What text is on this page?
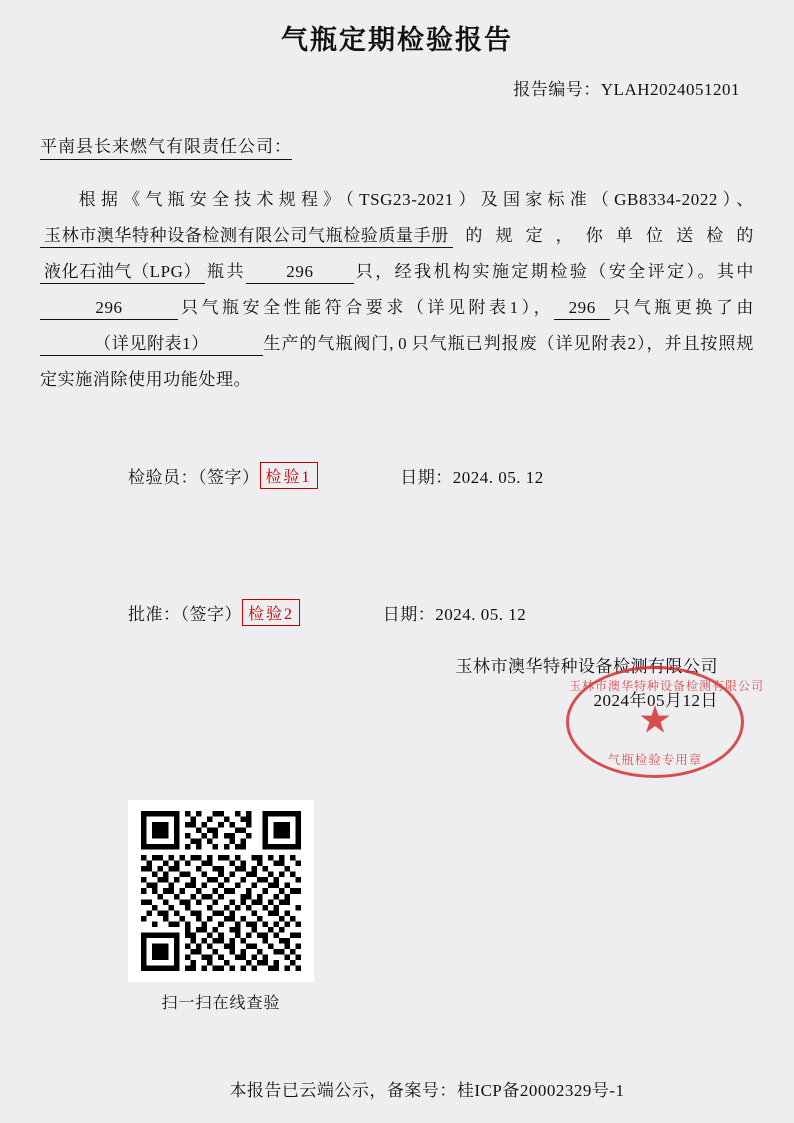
气瓶定期检验报告
报告编号：YLAH2024051201
平南县长来燃气有限责任公司：
根据《气瓶安全技术规程》（TSG23-2021）及国家标准（GB8334-2022）、玉林市澳华特种设备检测有限公司气瓶检验质量手册 的规定，你单位送检的液化石油气（LPG） 瓶共 296 只，经我机构实施定期检验（安全评定）。其中296	只气瓶安全性能符合要求（详见附表1）， 296 只气瓶更换了由（详见附表1）	生产的气瓶阀门, 0 只气瓶已判报废（详见附表2），并且按照规定实施消除使用功能处理。
检验员：（签字） 检验1	日期：2024. 05. 12
批准：（签字） 检验2	日期：2024. 05. 12
玉林市澳华特种设备检测有限公司
2024年05月12日
玉林市澳华特种设备检测有限公司
★
气瓶检验专用章
扫一扫在线查验
本报告已云端公示，备案号：桂ICP备20002329号-1
